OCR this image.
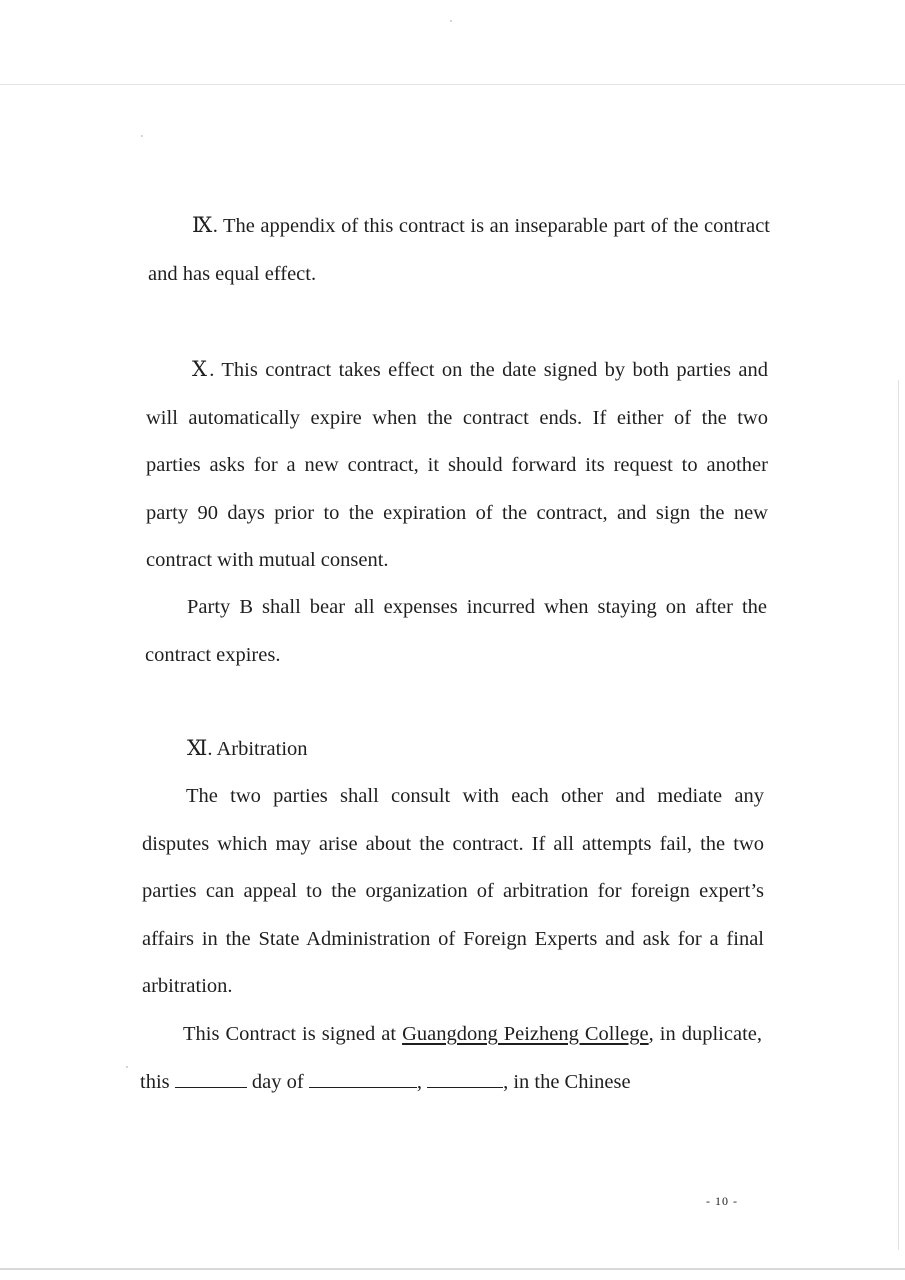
Ⅸ. The appendix of this contract is an inseparable part of the contract and has equal effect.

Ⅹ. This contract takes effect on the date signed by both parties and will automatically expire when the contract ends. If either of the two parties asks for a new contract, it should forward its request to another party 90 days prior to the expiration of the contract, and sign the new contract with mutual consent.

Party B shall bear all expenses incurred when staying on after the contract expires.

Ⅺ. Arbitration

The two parties shall consult with each other and mediate any disputes which may arise about the contract. If all attempts fail, the two parties can appeal to the organization of arbitration for foreign expert’s affairs in the State Administration of Foreign Experts and ask for a final arbitration.

This Contract is signed at Guangdong Peizheng College, in duplicate, this	day of	,	, in the Chinese

- 10 -
